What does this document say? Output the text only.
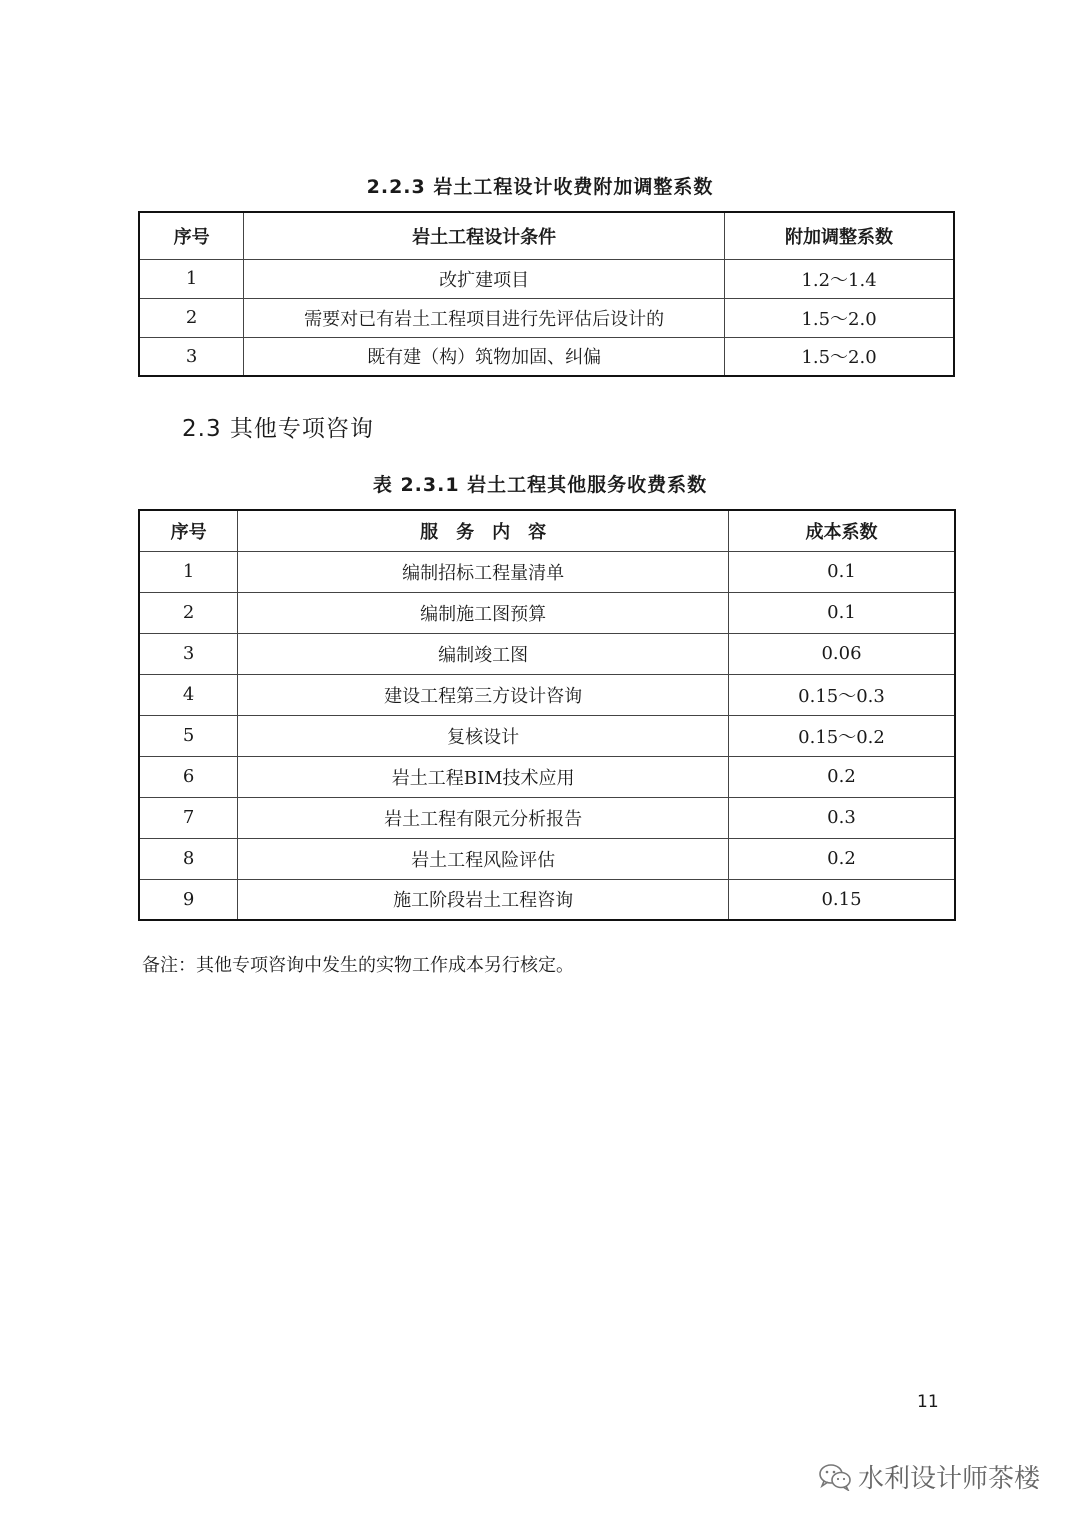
2.2.3 岩土工程设计收费附加调整系数
序号	岩土工程设计条件	附加调整系数
1	改扩建项目	1.2～1.4
2	需要对已有岩土工程项目进行先评估后设计的	1.5～2.0
3	既有建（构）筑物加固、纠偏	1.5～2.0
2.3 其他专项咨询
表 2.3.1 岩土工程其他服务收费系数
序号	服　务　内　容	成本系数
1	编制招标工程量清单	0.1
2	编制施工图预算	0.1
3	编制竣工图	0.06
4	建设工程第三方设计咨询	0.15～0.3
5	复核设计	0.15～0.2
6	岩土工程BIM技术应用	0.2
7	岩土工程有限元分析报告	0.3
8	岩土工程风险评估	0.2
9	施工阶段岩土工程咨询	0.15
备注：其他专项咨询中发生的实物工作成本另行核定。
11
水利设计师茶楼
